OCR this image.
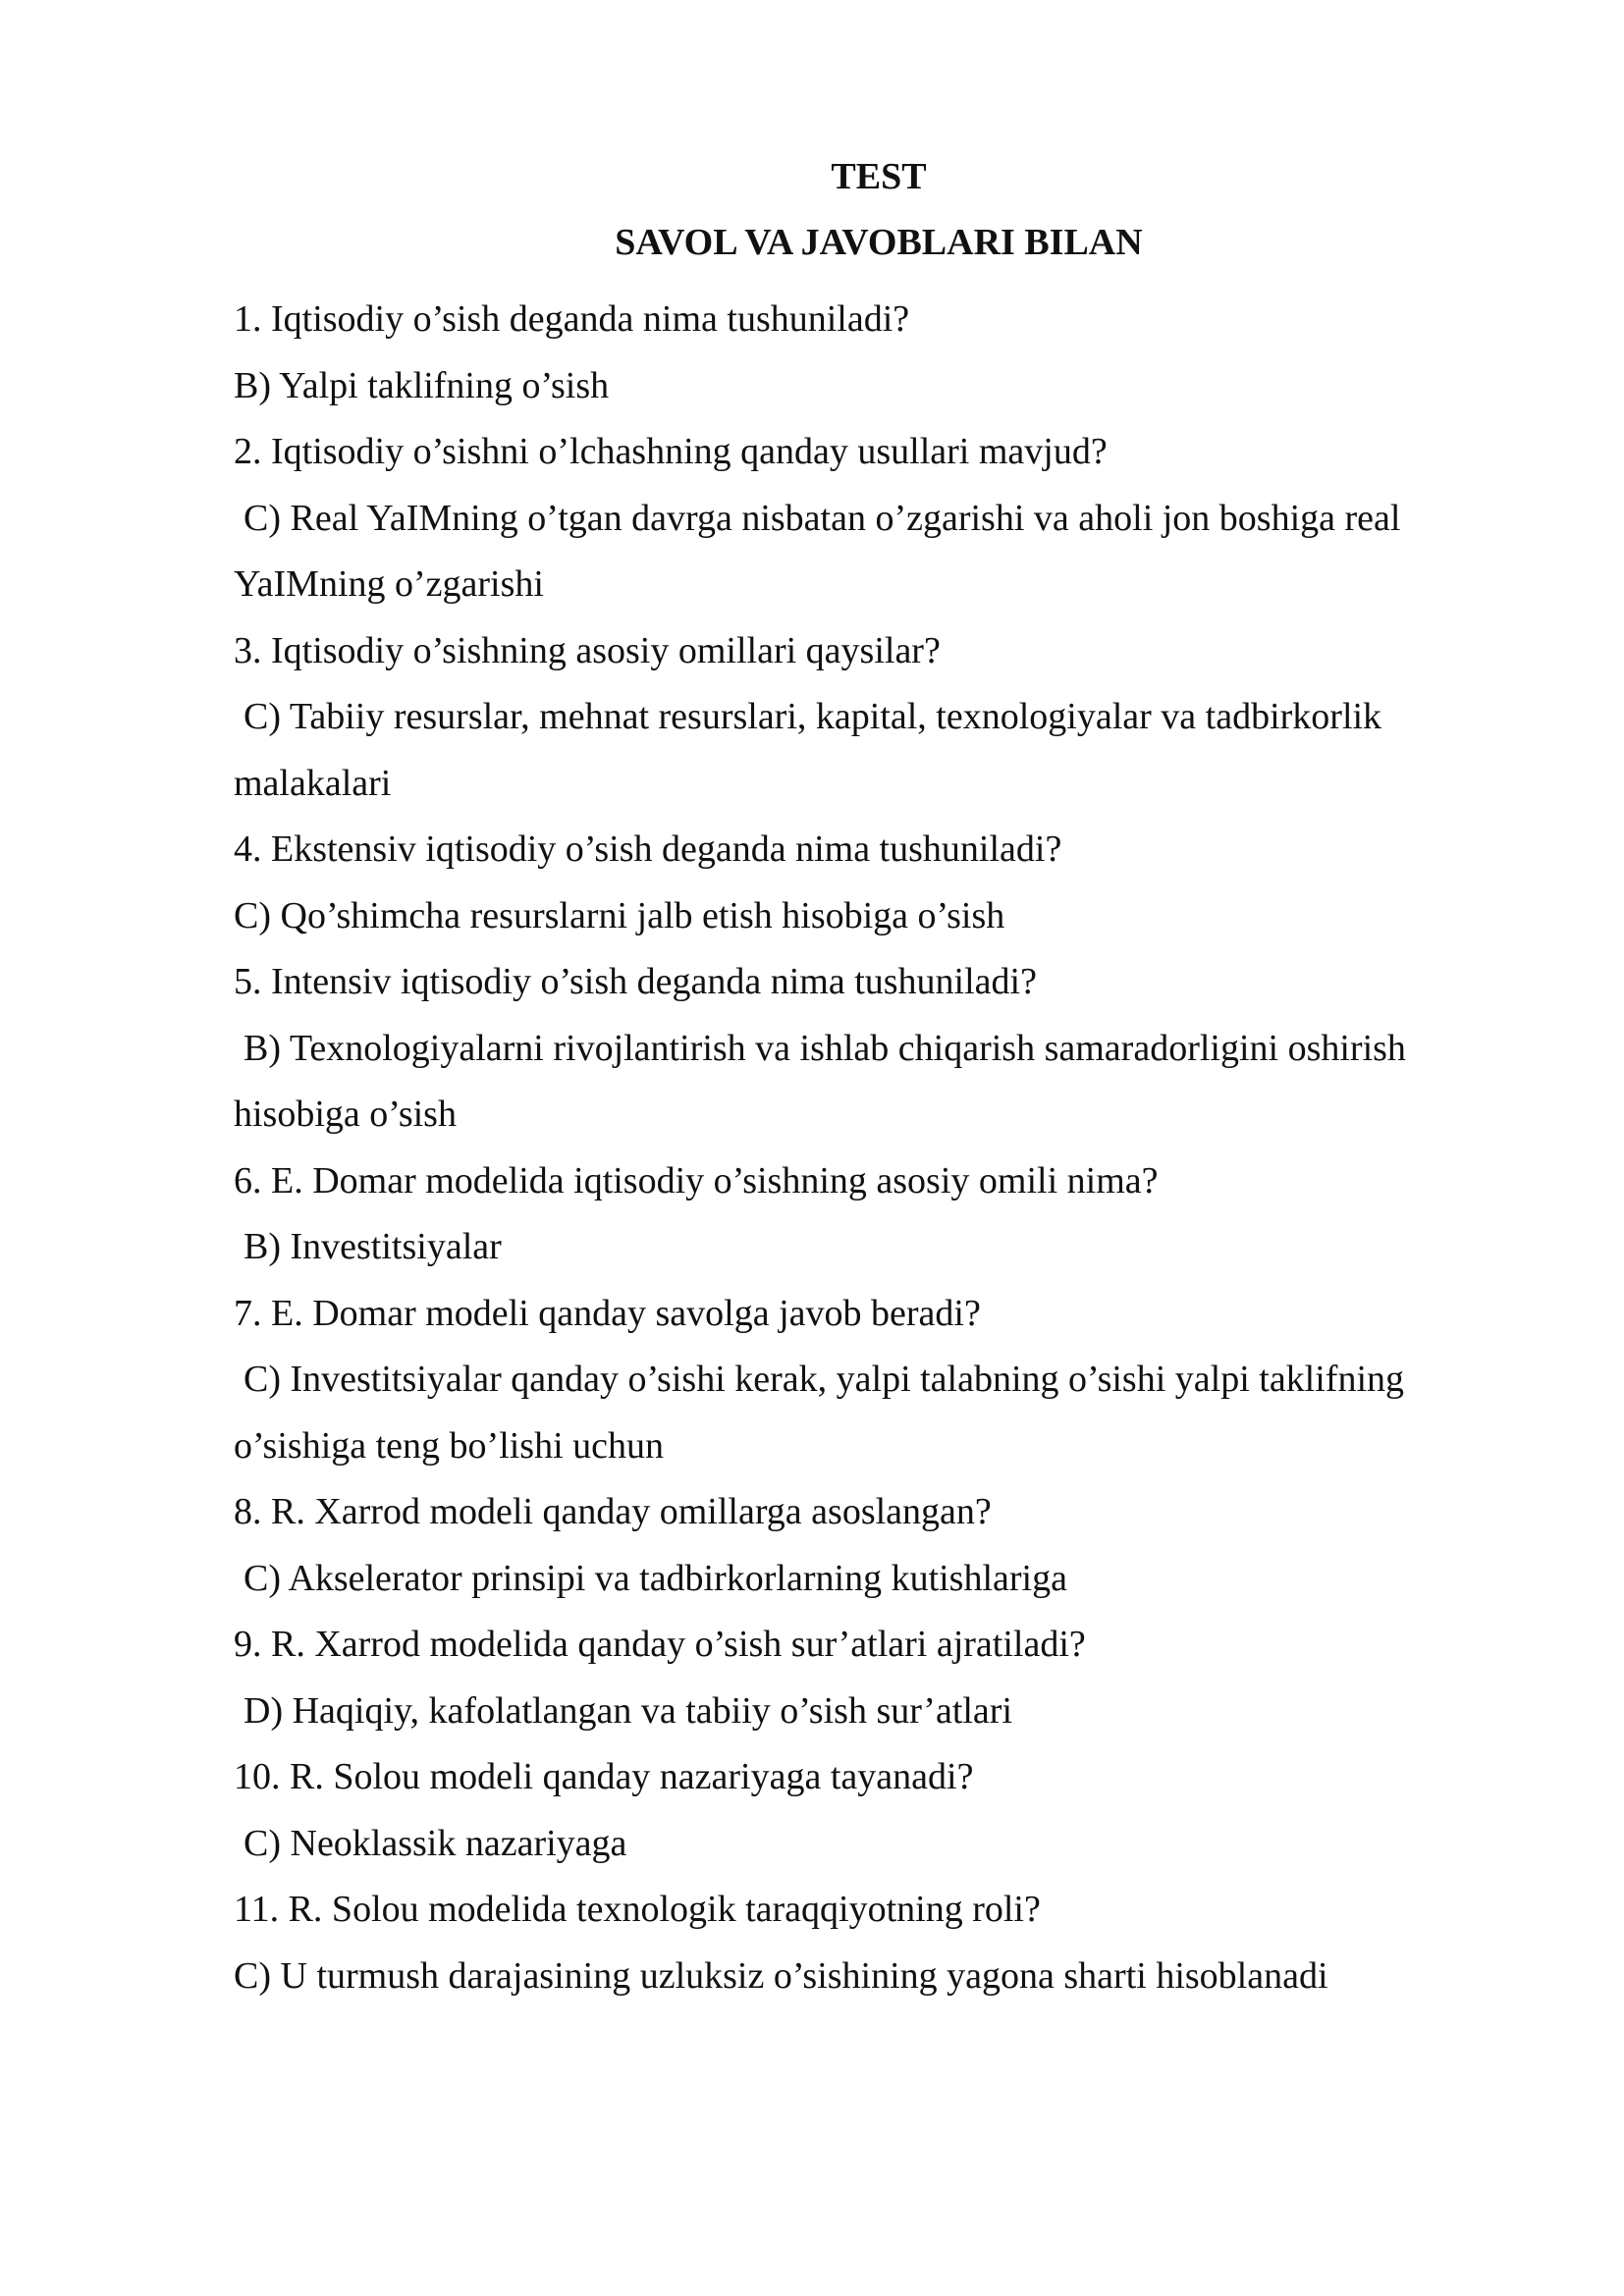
TEST
SAVOL VA JAVOBLARI BILAN
1. Iqtisodiy o’sish deganda nima tushuniladi?
B) Yalpi taklifning o’sish
2. Iqtisodiy o’sishni o’lchashning qanday usullari mavjud?
C) Real YaIMning o’tgan davrga nisbatan o’zgarishi va aholi jon boshiga real
YaIMning o’zgarishi
3. Iqtisodiy o’sishning asosiy omillari qaysilar?
C) Tabiiy resurslar, mehnat resurslari, kapital, texnologiyalar va tadbirkorlik
malakalari
4. Ekstensiv iqtisodiy o’sish deganda nima tushuniladi?
C) Qo’shimcha resurslarni jalb etish hisobiga o’sish
5. Intensiv iqtisodiy o’sish deganda nima tushuniladi?
B) Texnologiyalarni rivojlantirish va ishlab chiqarish samaradorligini oshirish
hisobiga o’sish
6. E. Domar modelida iqtisodiy o’sishning asosiy omili nima?
B) Investitsiyalar
7. E. Domar modeli qanday savolga javob beradi?
C) Investitsiyalar qanday o’sishi kerak, yalpi talabning o’sishi yalpi taklifning
o’sishiga teng bo’lishi uchun
8. R. Xarrod modeli qanday omillarga asoslangan?
C) Akselerator prinsipi va tadbirkorlarning kutishlariga
9. R. Xarrod modelida qanday o’sish sur’atlari ajratiladi?
D) Haqiqiy, kafolatlangan va tabiiy o’sish sur’atlari
10. R. Solou modeli qanday nazariyaga tayanadi?
C) Neoklassik nazariyaga
11. R. Solou modelida texnologik taraqqiyotning roli?
C) U turmush darajasining uzluksiz o’sishining yagona sharti hisoblanadi
